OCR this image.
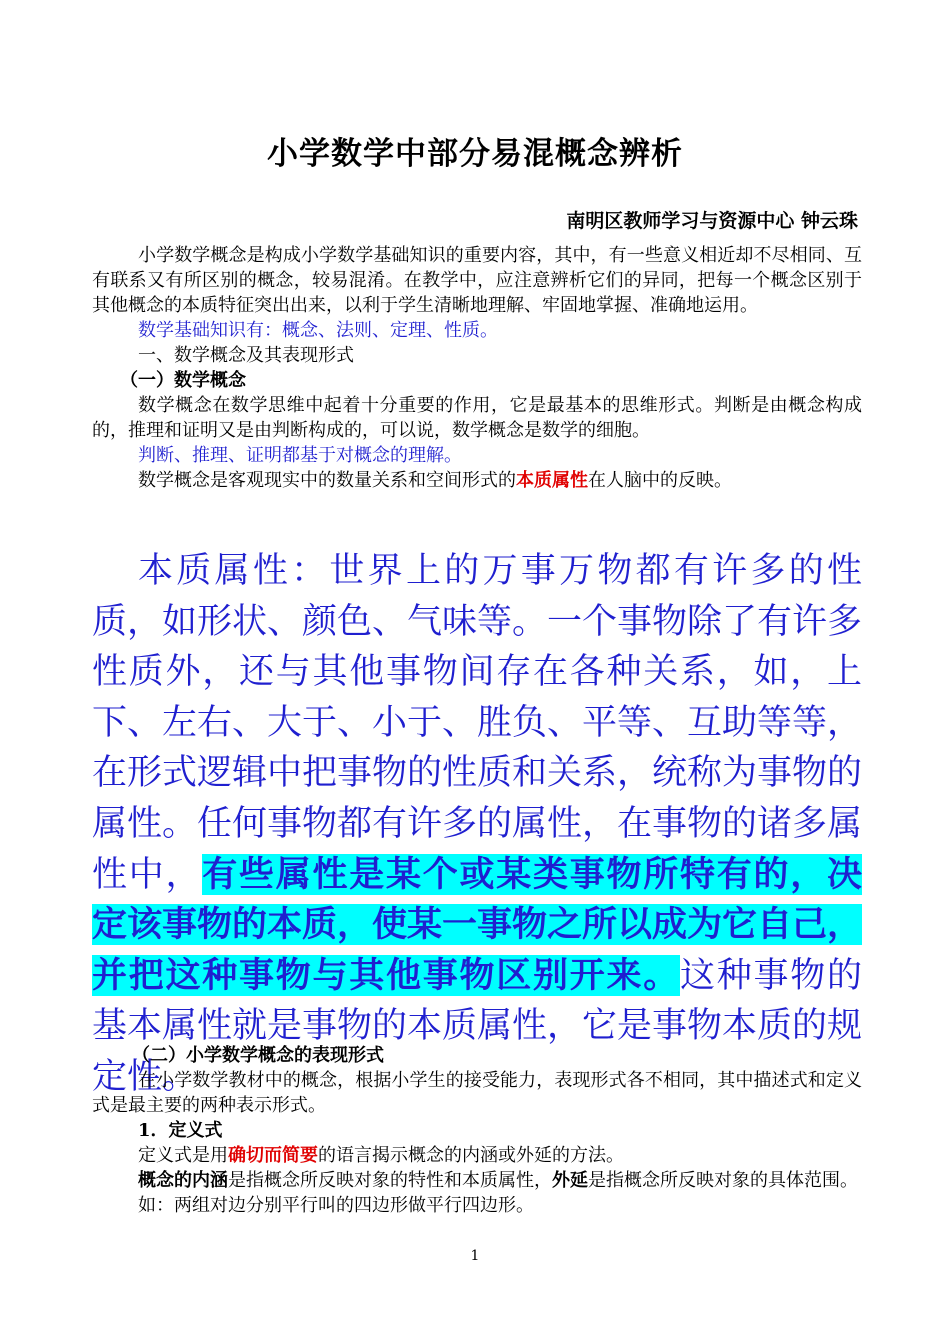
小学数学中部分易混概念辨析
南明区教师学习与资源中心 钟云珠

小学数学概念是构成小学数学基础知识的重要内容，其中，有一些意义相近却不尽相同、互有联系又有所区别的概念，较易混淆。在教学中，应注意辨析它们的异同，把每一个概念区别于其他概念的本质特征突出出来，以利于学生清晰地理解、牢固地掌握、准确地运用。

数学基础知识有：概念、法则、定理、性质。

一、数学概念及其表现形式

（一）数学概念

数学概念在数学思维中起着十分重要的作用，它是最基本的思维形式。判断是由概念构成的，推理和证明又是由判断构成的，可以说，数学概念是数学的细胞。

判断、推理、证明都基于对概念的理解。

数学概念是客观现实中的数量关系和空间形式的本质属性在人脑中的反映。

本质属性：世界上的万事万物都有许多的性质，如形状、颜色、气味等。一个事物除了有许多性质外，还与其他事物间存在各种关系，如，上下、左右、大于、小于、胜负、平等、互助等等，在形式逻辑中把事物的性质和关系，统称为事物的属性。任何事物都有许多的属性，在事物的诸多属性中，有些属性是某个或某类事物所特有的，决定该事物的本质，使某一事物之所以成为它自己，并把这种事物与其他事物区别开来。这种事物的基本属性就是事物的本质属性，它是事物本质的规定性。

（二）小学数学概念的表现形式

在小学数学教材中的概念，根据小学生的接受能力，表现形式各不相同，其中描述式和定义式是最主要的两种表示形式。

1．定义式

定义式是用确切而简要的语言揭示概念的内涵或外延的方法。

概念的内涵是指概念所反映对象的特性和本质属性，外延是指概念所反映对象的具体范围。

如：两组对边分别平行叫的四边形做平行四边形。

1
